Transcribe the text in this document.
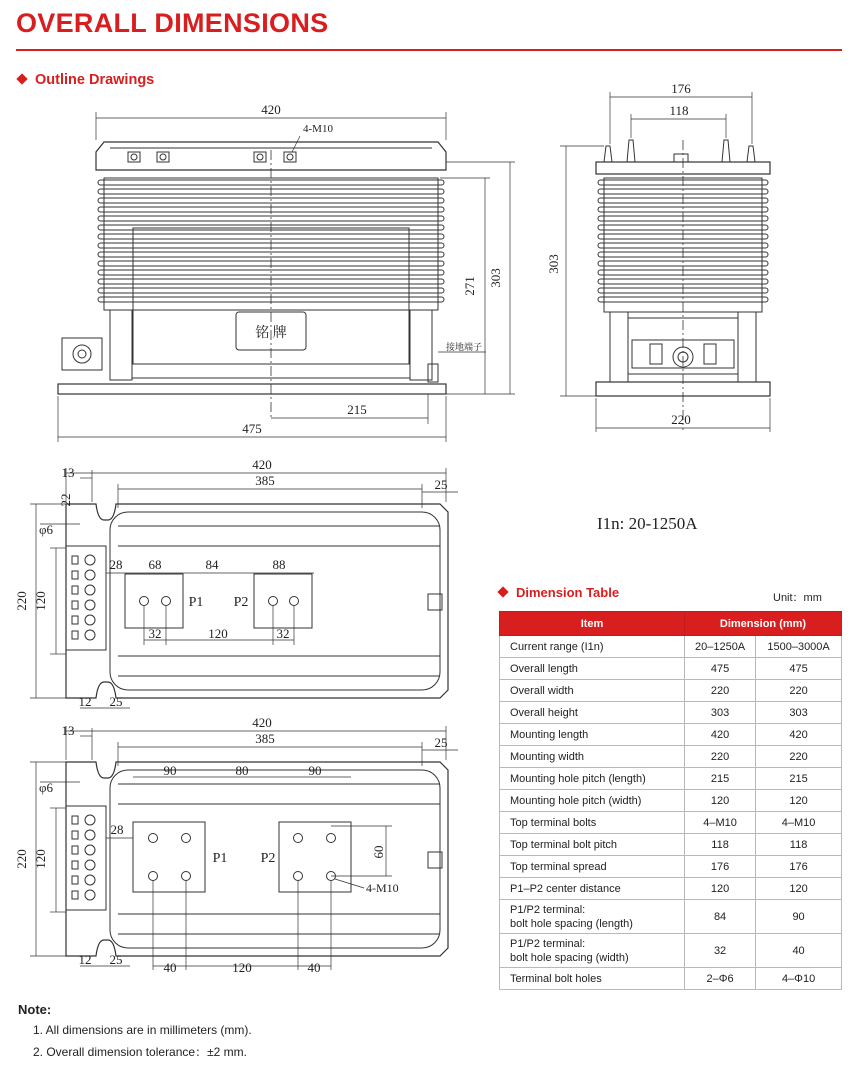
OVERALL DIMENSIONS
Outline Drawings
420
4-M10
271 303
铭 牌
接地端子
215
475
176
118
303
220
13
420
385	25
22
φ6
220 120
28 68	84	88
P1 P2
32	120	32
12 25
13
420
385	25
φ6
220 120
90	80	90
28
P1 P2	60
4-M10
40	120	40
12 25
I1n: 20-1250A
Dimension Table	Unit：mm
Item	Dimension (mm)	
Current range (I1n)	20–1250A	1500–3000A
Overall length	475	475
Overall width	220	220
Overall height	303	303
Mounting length	420	420
Mounting width	220	220
Mounting hole pitch (length)	215	215
Mounting hole pitch (width)	120	120
Top terminal bolts	4–M10	4–M10
Top terminal bolt pitch	118	118
Top terminal spread	176	176
P1–P2 center distance	120	120
P1/P2 terminal:
bolt hole spacing (length)	84	90
P1/P2 terminal:
bolt hole spacing (width)	32	40
Terminal bolt holes	2–Φ6	4–Φ10
Note:
1. All dimensions are in millimeters (mm).
2. Overall dimension tolerance：±2 mm.
